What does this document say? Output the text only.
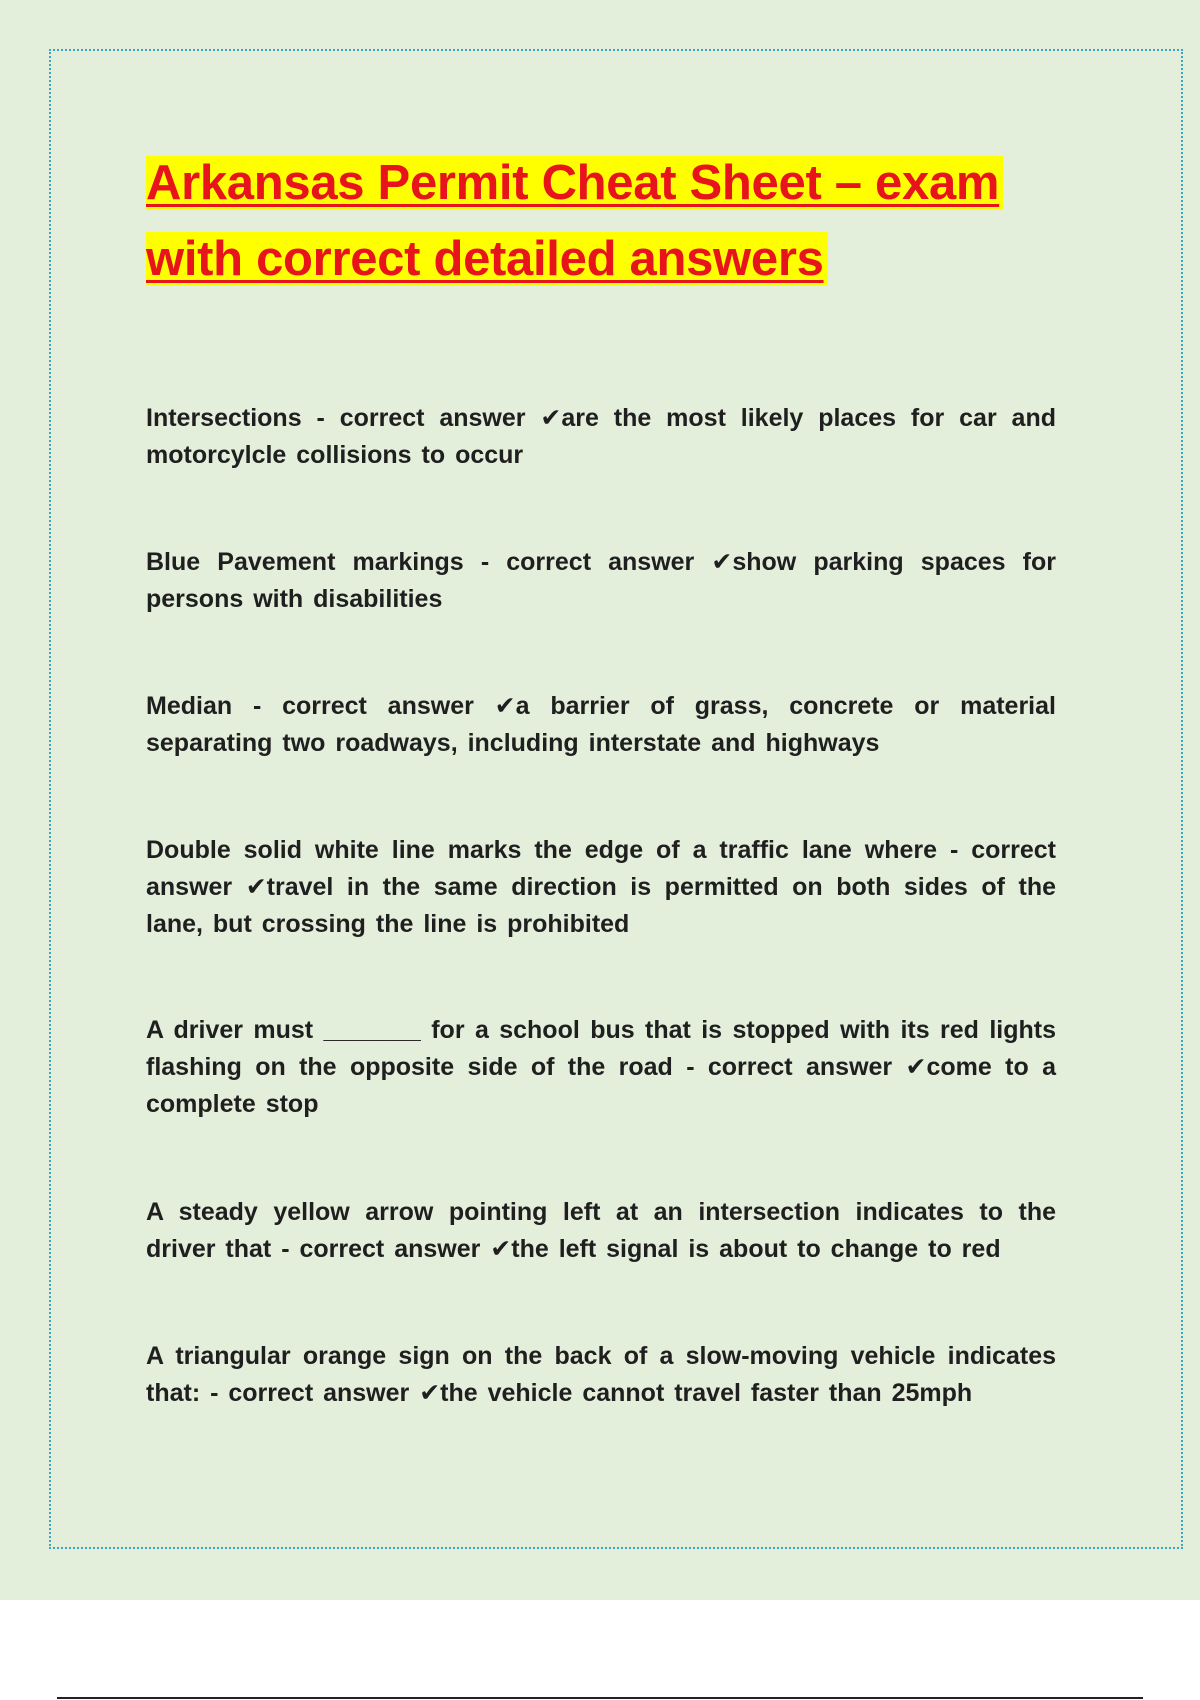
Arkansas Permit Cheat Sheet – exam
with correct detailed answers
Intersections - correct answer ✔are the most likely places for car and motorcylcle collisions to occur
Blue Pavement markings - correct answer ✔show parking spaces for persons with disabilities
Median - correct answer ✔a barrier of grass, concrete or material separating two roadways, including interstate and highways
Double solid white line marks the edge of a traffic lane where - correct answer ✔travel in the same direction is permitted on both sides of the lane, but crossing the line is prohibited
A driver must _______ for a school bus that is stopped with its red lights flashing on the opposite side of the road - correct answer ✔come to a complete stop
A steady yellow arrow pointing left at an intersection indicates to the driver that - correct answer ✔the left signal is about to change to red
A triangular orange sign on the back of a slow-moving vehicle indicates that: - correct answer ✔the vehicle cannot travel faster than 25mph
